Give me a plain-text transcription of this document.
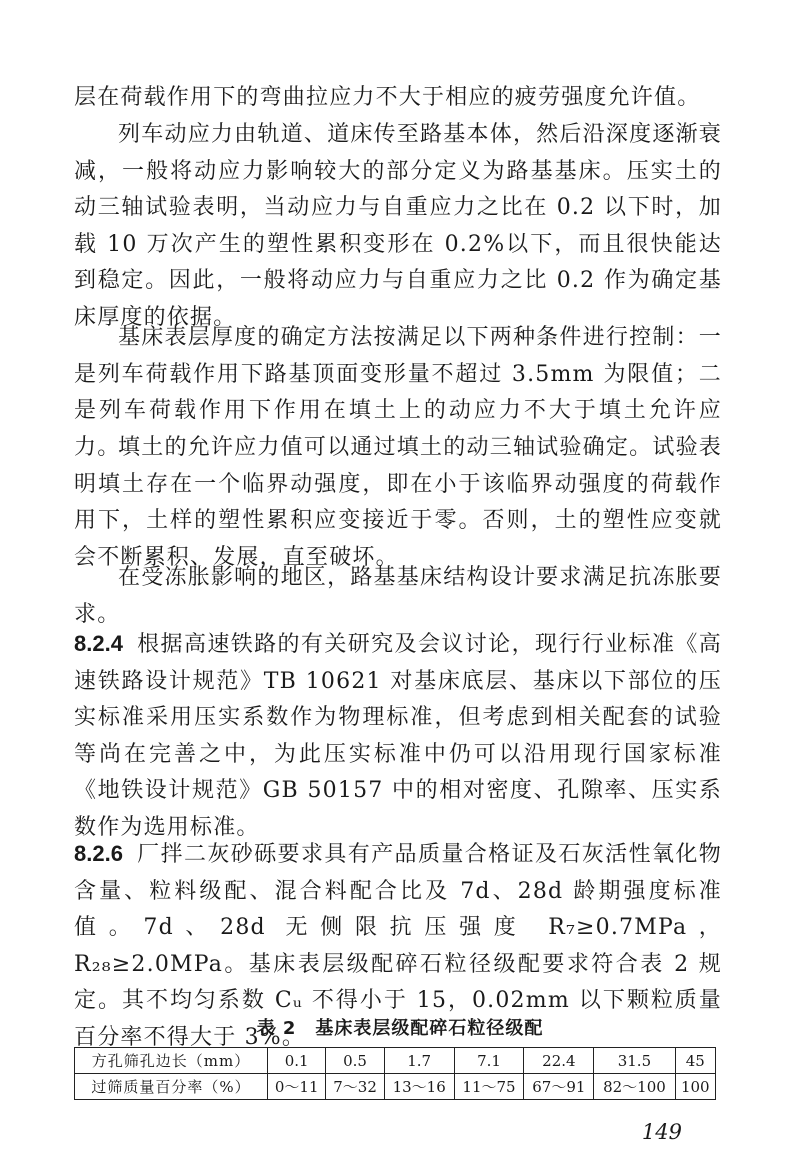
层在荷载作用下的弯曲拉应力不大于相应的疲劳强度允许值。

列车动应力由轨道、道床传至路基本体，然后沿深度逐渐衰减，一般将动应力影响较大的部分定义为路基基床。压实土的动三轴试验表明，当动应力与自重应力之比在 0.2 以下时，加载 10 万次产生的塑性累积变形在 0.2%以下，而且很快能达到稳定。因此，一般将动应力与自重应力之比 0.2 作为确定基床厚度的依据。

基床表层厚度的确定方法按满足以下两种条件进行控制：一是列车荷载作用下路基顶面变形量不超过 3.5mm 为限值；二是列车荷载作用下作用在填土上的动应力不大于填土允许应力。

填土的允许应力值可以通过填土的动三轴试验确定。试验表明填土存在一个临界动强度，即在小于该临界动强度的荷载作用下，土样的塑性累积应变接近于零。否则，土的塑性应变就会不断累积、发展，直至破坏。

在受冻胀影响的地区，路基基床结构设计要求满足抗冻胀要求。

8.2.4 根据高速铁路的有关研究及会议讨论，现行行业标准《高速铁路设计规范》TB 10621 对基床底层、基床以下部位的压实标准采用压实系数作为物理标准，但考虑到相关配套的试验等尚在完善之中，为此压实标准中仍可以沿用现行国家标准《地铁设计规范》GB 50157 中的相对密度、孔隙率、压实系数作为选用标准。

8.2.6 厂拌二灰砂砾要求具有产品质量合格证及石灰活性氧化物含量、粒料级配、混合料配合比及 7d、28d 龄期强度标准值。7d、28d 无侧限抗压强度 R₇≥0.7MPa，R₂₈≥2.0MPa。基床表层级配碎石粒径级配要求符合表 2 规定。其不均匀系数 Cᵤ 不得小于 15，0.02mm 以下颗粒质量百分率不得大于 3%。

表 2　基床表层级配碎石粒径级配
方孔筛孔边长（mm）	0.1	0.5	1.7	7.1	22.4	31.5	45
过筛质量百分率（%）	0～11	7～32	13～16	11～75	67～91	82～100	100
149
